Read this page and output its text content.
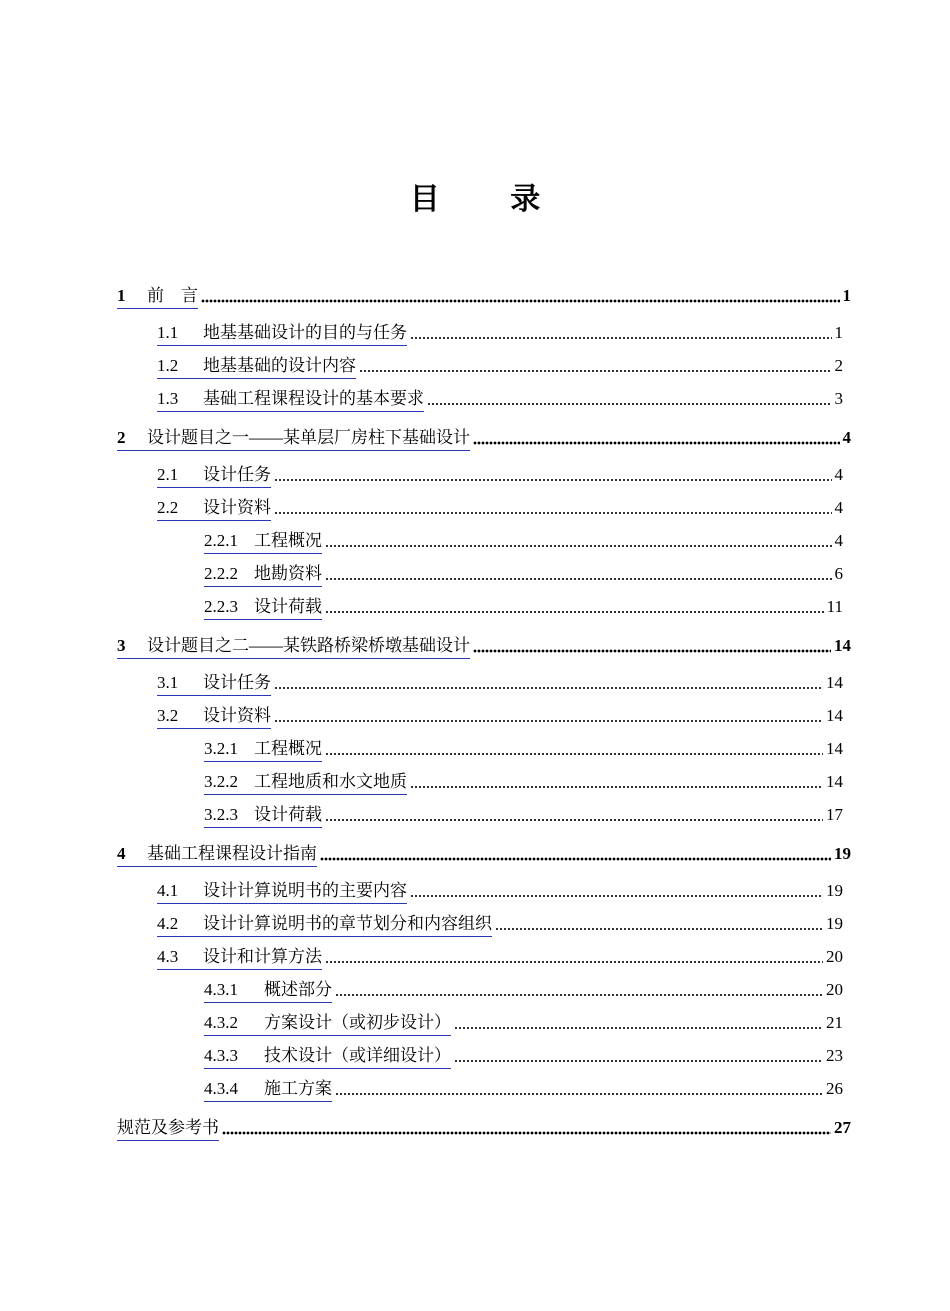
目 录
1	前　言	1
1.1	地基基础设计的目的与任务	1
1.2	地基基础的设计内容	2
1.3	基础工程课程设计的基本要求	3
2	设计题目之一——某单层厂房柱下基础设计	4
2.1	设计任务	4
2.2	设计资料	4
2.2.1 工程概况	4
2.2.2 地勘资料	6
2.2.3 设计荷载	11
3	设计题目之二——某铁路桥梁桥墩基础设计	14
3.1	设计任务	14
3.2	设计资料	14
3.2.1 工程概况	14
3.2.2 工程地质和水文地质	14
3.2.3 设计荷载	17
4	基础工程课程设计指南	19
4.1	设计计算说明书的主要内容	19
4.2	设计计算说明书的章节划分和内容组织	19
4.3	设计和计算方法	20
4.3.1	概述部分	20
4.3.2	方案设计（或初步设计）	21
4.3.3	技术设计（或详细设计）	23
4.3.4	施工方案	26
规范及参考书	27
